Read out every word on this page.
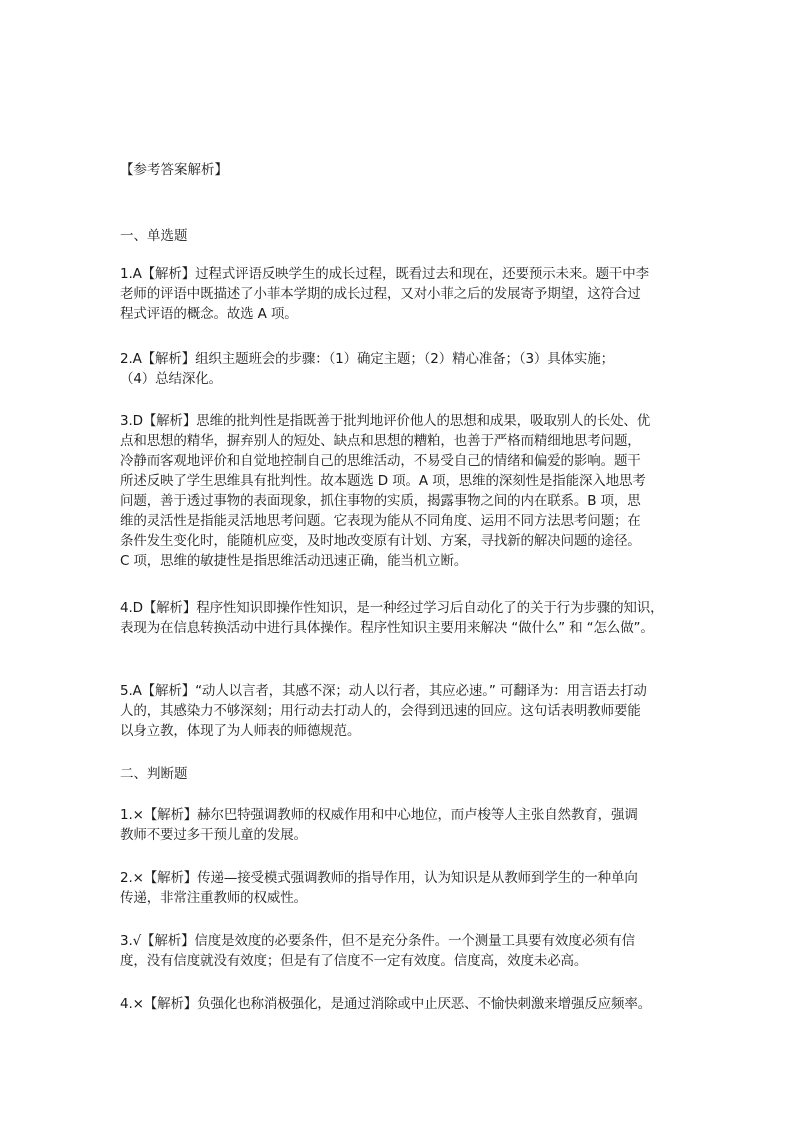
【参考答案解析】
一、单选题
1.A【解析】过程式评语反映学生的成长过程，既看过去和现在，还要预示未来。题干中李
老师的评语中既描述了小菲本学期的成长过程，又对小菲之后的发展寄予期望，这符合过
程式评语的概念。故选 A 项。
2.A【解析】组织主题班会的步骤：（1）确定主题；（2）精心准备；（3）具体实施；
（4）总结深化。
3.D【解析】思维的批判性是指既善于批判地评价他人的思想和成果，吸取别人的长处、优
点和思想的精华，摒弃别人的短处、缺点和思想的糟粕，也善于严格而精细地思考问题，
冷静而客观地评价和自觉地控制自己的思维活动，不易受自己的情绪和偏爱的影响。题干
所述反映了学生思维具有批判性。故本题选 D 项。A 项，思维的深刻性是指能深入地思考
问题，善于透过事物的表面现象，抓住事物的实质，揭露事物之间的内在联系。B 项，思
维的灵活性是指能灵活地思考问题。它表现为能从不同角度、运用不同方法思考问题；在
条件发生变化时，能随机应变，及时地改变原有计划、方案，寻找新的解决问题的途径。
C 项，思维的敏捷性是指思维活动迅速正确，能当机立断。
4.D【解析】程序性知识即操作性知识，是一种经过学习后自动化了的关于行为步骤的知识，
表现为在信息转换活动中进行具体操作。程序性知识主要用来解决 “做什么” 和 “怎么做”。
5.A【解析】“动人以言者，其感不深；动人以行者，其应必速。” 可翻译为：用言语去打动
人的，其感染力不够深刻；用行动去打动人的，会得到迅速的回应。这句话表明教师要能
以身立教，体现了为人师表的师德规范。
二、判断题
1.×【解析】赫尔巴特强调教师的权威作用和中心地位，而卢梭等人主张自然教育，强调
教师不要过多干预儿童的发展。
2.×【解析】传递—接受模式强调教师的指导作用，认为知识是从教师到学生的一种单向
传递，非常注重教师的权威性。
3.√【解析】信度是效度的必要条件，但不是充分条件。一个测量工具要有效度必须有信
度，没有信度就没有效度；但是有了信度不一定有效度。信度高，效度未必高。
4.×【解析】负强化也称消极强化，是通过消除或中止厌恶、不愉快刺激来增强反应频率。
